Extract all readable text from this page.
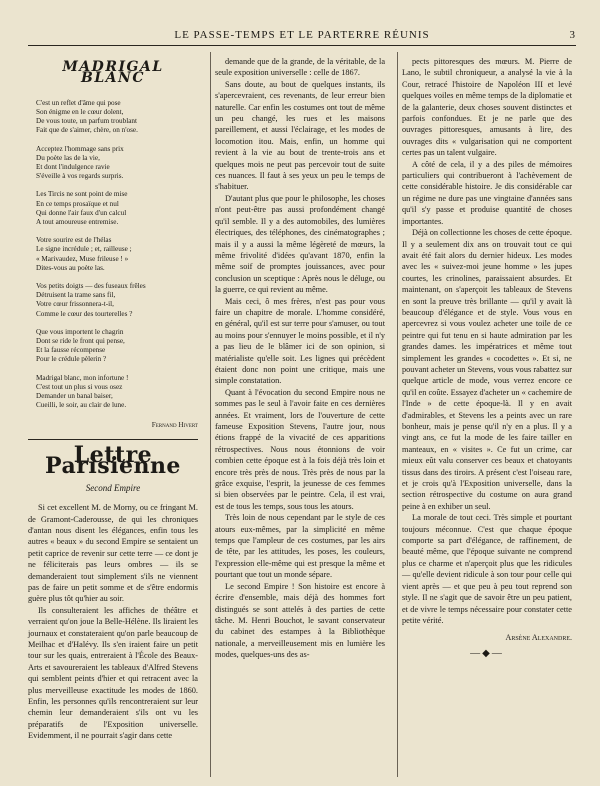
LE PASSE-TEMPS ET LE PARTERRE RÉUNIS	3
MADRIGAL BLANC
C'est un reflet d'âme qui pose
Son énigme en le cœur dolent,
De vous toute, un parfum troublant
Fait que de s'aimer, chère, on n'ose.
Acceptez l'hommage sans prix
Du poète las de la vie,
Et dont l'indulgence ravie
S'éveille à vos regards surpris.
Les Tircis ne sont point de mise
En ce temps prosaïque et nul
Qui donne l'air faux d'un calcul
A tout amoureuse entremise.
Votre sourire est de l'hélas
Le signe incrédule ; et, railleuse ;
« Marivaudez, Muse frileuse ! »
Dites-vous au poète las.
Vos petits doigts — des fuseaux frêles
Détruisent la trame sans fil,
Votre cœur frissonnera-t-il,
Comme le cœur des tourterelles ?
Que vous importent le chagrin
Dont se ride le front qui pense,
Et la fausse récompense
Pour le crédule pèlerin ?
Madrigal blanc, mon infortune !
C'est tout un plus si vous osez
Demander un banal baiser,
Cueilli, le soir, au clair de lune.
Fernand Hivert
Lettre Parisienne
Second Empire

Si cet excellent M. de Morny, ou ce fringant M. de Gramont-Caderousse, de qui les chroniques d'antan nous disent les élégances, enfin tous les autres « beaux » du second Empire se sentaient un petit caprice de revenir sur cette terre — ce dont je ne féliciterais pas leurs ombres — ils se demanderaient tout simplement s'ils ne viennent pas de faire un petit somme et de s'être endormis guère plus tôt qu'hier au soir.

Ils consulteraient les affiches de théâtre et verraient qu'on joue la Belle-Hélène. Ils liraient les journaux et constateraient qu'on parle beaucoup de Meilhac et d'Halévy. Ils s'en iraient faire un petit tour sur les quais, entreraient à l'École des Beaux-Arts et savoureraient les tableaux d'Alfred Stevens qui semblent peints d'hier et qui retracent avec la plus merveilleuse exactitude les modes de 1860. Enfin, les personnes qu'ils rencontreraient sur leur chemin leur demanderaient s'ils ont vu les préparatifs de l'Exposition universelle. Evidemment, il ne pourrait s'agir dans cette

demande que de la grande, de la véritable, de la seule exposition universelle : celle de 1867.

Sans doute, au bout de quelques instants, ils s'apercevraient, ces revenants, de leur erreur bien naturelle. Car enfin les costumes ont tout de même un peu changé, les rues et les maisons pareillement, et aussi l'éclairage, et les modes de locomotion itou. Mais, enfin, un homme qui revient à la vie au bout de trente-trois ans et quelques mois ne peut pas percevoir tout de suite ces nuances. Il faut à ses yeux un peu le temps de s'habituer.

D'autant plus que pour le philosophe, les choses n'ont peut-être pas aussi profondément changé qu'il semble. Il y a des automobiles, des lumières électriques, des téléphones, des cinématographes ; mais il y a aussi la même légèreté de mœurs, la même frivolité d'idées qu'avant 1870, enfin la même soif de promptes jouissances, avec pour conclusion un sceptique : Après nous le déluge, ou la guerre, ce qui revient au même.

Mais ceci, ô mes frères, n'est pas pour vous faire un chapitre de morale. L'homme considéré, en général, qu'il est sur terre pour s'amuser, ou tout au moins pour s'ennuyer le moins possible, et il n'y a pas lieu de le blâmer ici de son opinion, si matérialiste qu'elle soit. Les lignes qui précèdent étaient donc non point une critique, mais une simple constatation.

Quant à l'évocation du second Empire nous ne sommes pas le seul à l'avoir faite en ces dernières années. Et vraiment, lors de l'ouverture de cette fameuse Exposition Stevens, l'autre jour, nous étions frappé de la vivacité de ces apparitions rétrospectives. Nous nous étonnions de voir combien cette époque est à la fois déjà très loin et encore très près de nous. Très près de nous par la grâce exquise, l'esprit, la jeunesse de ces femmes si bien observées par le peintre. Cela, il est vrai, est de tous les temps, sous tous les atours.

Très loin de nous cependant par le style de ces atours eux-mêmes, par la simplicité en même temps que l'ampleur de ces costumes, par les airs de tête, par les attitudes, les poses, les couleurs, l'expression elle-même qui est presque la même et pourtant que tout un monde sépare.

Le second Empire ! Son histoire est encore à écrire d'ensemble, mais déjà des hommes fort distingués se sont attelés à des parties de cette tâche. M. Henri Bouchot, le savant conservateur du cabinet des estampes à la Bibliothèque nationale, a merveilleusement mis en lumière les modes, quelques-uns des as-

pects pittoresques des mœurs. M. Pierre de Lano, le subtil chroniqueur, a analysé la vie à la Cour, retracé l'histoire de Napoléon III et levé quelques voiles en même temps de la diplomatie et de la galanterie, deux choses souvent distinctes et parfois confondues. Et je ne parle que des ouvrages pittoresques, amusants à lire, des ouvrages dits « vulgarisation qui ne comportent certes pas un talent vulgaire.

A côté de cela, il y a des piles de mémoires particuliers qui contribueront à l'achèvement de cette considérable histoire. Je dis considérable car un régime ne dure pas une vingtaine d'années sans qu'il s'y passe et produise quantité de choses importantes.

Déjà on collectionne les choses de cette époque. Il y a seulement dix ans on trouvait tout ce qui avait été fait alors du dernier hideux. Les modes avec les « suivez-moi jeune homme » les jupes courtes, les crinolines, paraissaient absurdes. Et maintenant, on s'aperçoit les tableaux de Stevens en sont la preuve très brillante — qu'il y avait là beaucoup d'élégance et de style. Vous vous en apercevrez si vous voulez acheter une toile de ce peintre qui fut tenu en si haute admiration par les grandes dames. les impératrices et même tout simplement les grandes « cocodettes ». Et si, ne pouvant acheter un Stevens, vous vous rabattez sur quelque article de mode, vous verrez encore ce qu'il en coûte. Essayez d'acheter un « cachemire de l'Inde » de cette époque-là. Il y en avait d'admirables, et Stevens les a peints avec un rare bonheur, mais je pense qu'il n'y en a plus. Il y a vingt ans, ce fut la mode de les faire tailler en manteaux, en « visites ». Ce fut un crime, car mieux eût valu conserver ces beaux et chatoyants tissus dans des tiroirs. A présent c'est l'oiseau rare, et je crois qu'à l'Exposition universelle, dans la section rétrospective du costume on aura grand peine à en exhiber un seul.

La morale de tout ceci. Très simple et pourtant toujours méconnue. C'est que chaque époque comporte sa part d'élégance, de raffinement, de beauté même, que l'époque suivante ne comprend plus ce charme et n'aperçoit plus que les ridicules — qu'elle devient ridicule à son tour pour celle qui vient après — et que peu à peu tout reprend son style. Il ne s'agit que de savoir être un peu patient, et de vivre le temps nécessaire pour constater cette petite vérité.

Arsène Alexandre.
—◆—
